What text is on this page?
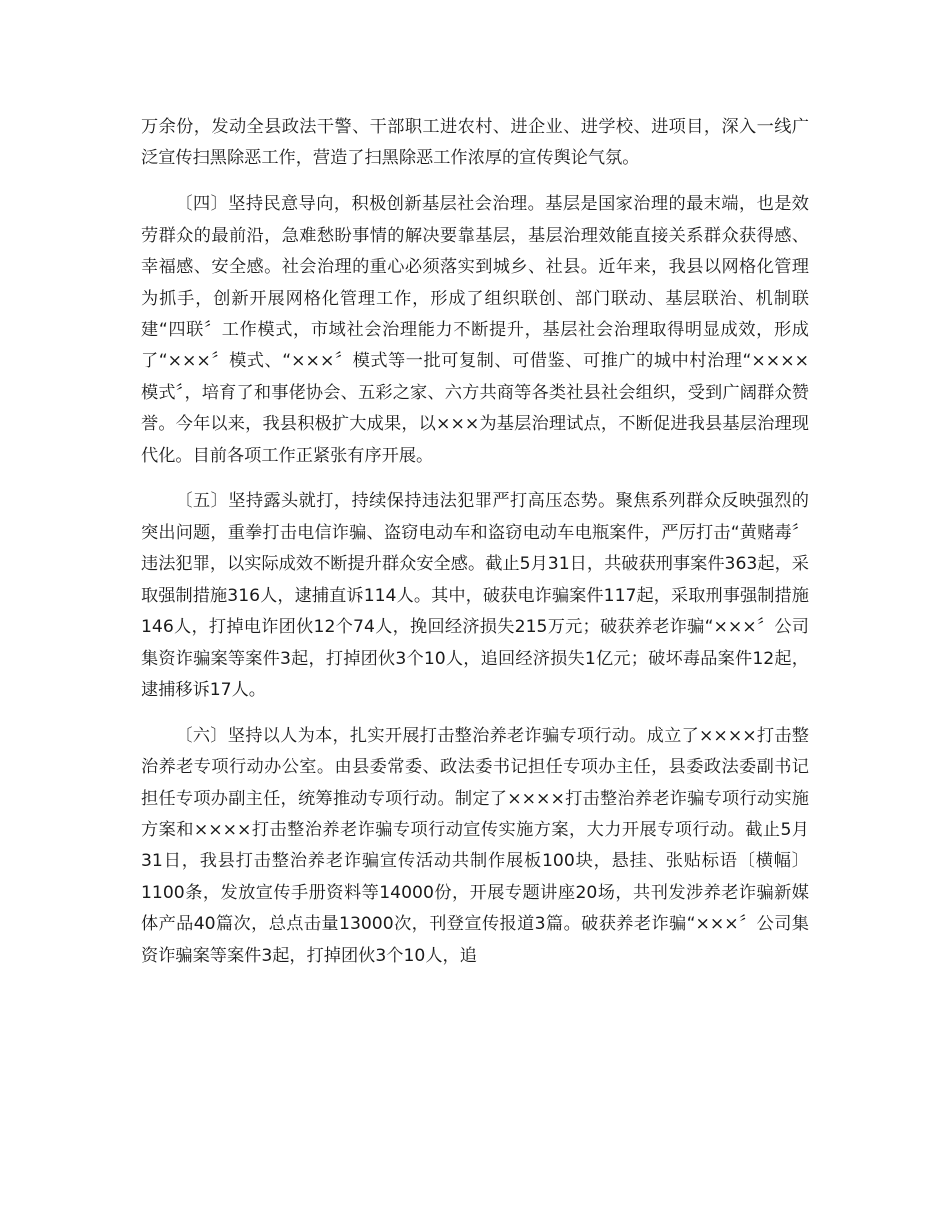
万余份，发动全县政法干警、干部职工进农村、进企业、进学校、进项目，深入一线广泛宣传扫黑除恶工作，营造了扫黑除恶工作浓厚的宣传舆论气氛。

〔四〕坚持民意导向，积极创新基层社会治理。基层是国家治理的最末端，也是效劳群众的最前沿，急难愁盼事情的解决要靠基层，基层治理效能直接关系群众获得感、幸福感、安全感。社会治理的重心必须落实到城乡、社县。近年来，我县以网格化管理为抓手，创新开展网格化管理工作，形成了组织联创、部门联动、基层联治、机制联建“四联〞工作模式，市域社会治理能力不断提升，基层社会治理取得明显成效，形成了“×××〞模式、“×××〞模式等一批可复制、可借鉴、可推广的城中村治理“××××模式〞，培育了和事佬协会、五彩之家、六方共商等各类社县社会组织，受到广阔群众赞誉。今年以来，我县积极扩大成果，以×××为基层治理试点，不断促进我县基层治理现代化。目前各项工作正紧张有序开展。

〔五〕坚持露头就打，持续保持违法犯罪严打高压态势。聚焦系列群众反映强烈的突出问题，重拳打击电信诈骗、盗窃电动车和盗窃电动车电瓶案件，严厉打击“黄赌毒〞违法犯罪，以实际成效不断提升群众安全感。截止5月31日，共破获刑事案件363起，采取强制措施316人，逮捕直诉114人。其中，破获电诈骗案件117起，采取刑事强制措施146人，打掉电诈团伙12个74人，挽回经济损失215万元；破获养老诈骗“×××〞公司集资诈骗案等案件3起，打掉团伙3个10人，追回经济损失1亿元；破坏毒品案件12起，逮捕移诉17人。

〔六〕坚持以人为本，扎实开展打击整治养老诈骗专项行动。成立了××××打击整治养老专项行动办公室。由县委常委、政法委书记担任专项办主任，县委政法委副书记担任专项办副主任，统筹推动专项行动。制定了××××打击整治养老诈骗专项行动实施方案和××××打击整治养老诈骗专项行动宣传实施方案，大力开展专项行动。截止5月31日，我县打击整治养老诈骗宣传活动共制作展板100块，悬挂、张贴标语〔横幅〕1100条，发放宣传手册资料等14000份，开展专题讲座20场，共刊发涉养老诈骗新媒体产品40篇次，总点击量13000次，刊登宣传报道3篇。破获养老诈骗“×××〞公司集资诈骗案等案件3起，打掉团伙3个10人，追
